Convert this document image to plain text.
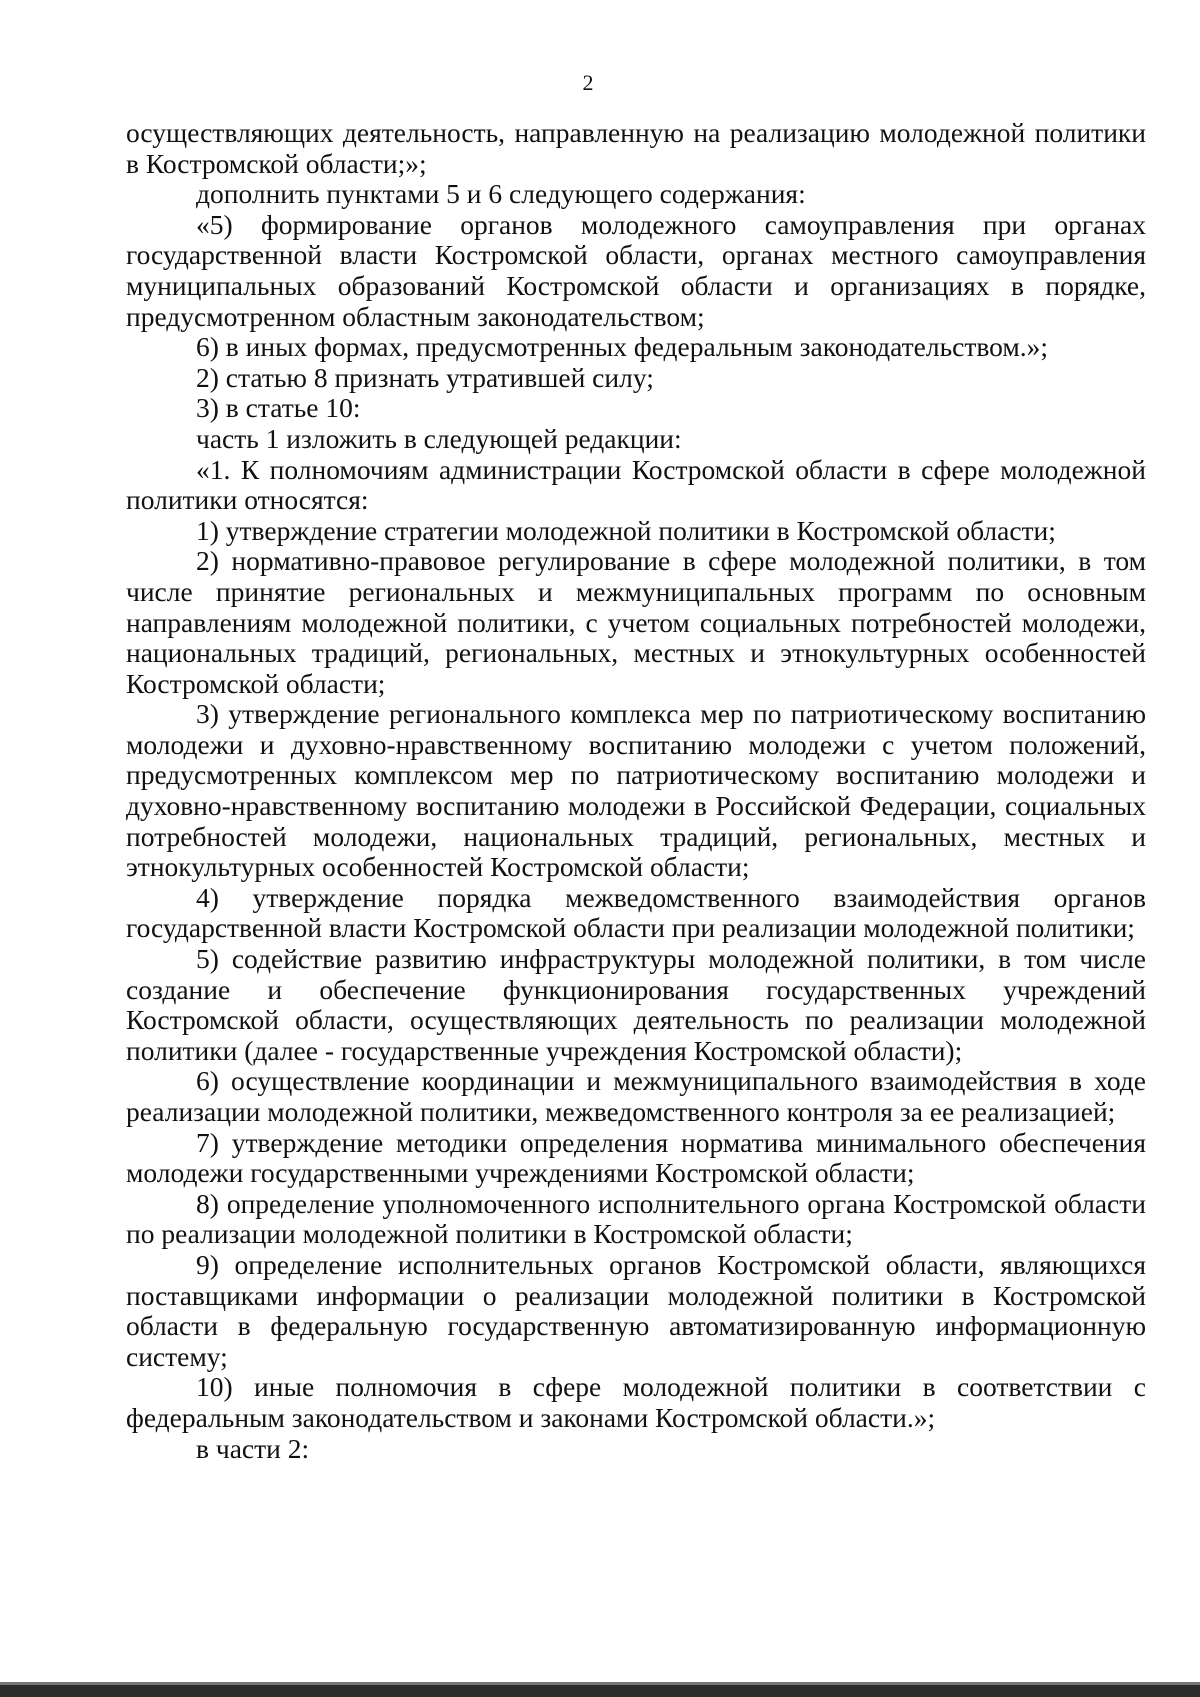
2

осуществляющих деятельность, направленную на реализацию молодежной политики в Костромской области;»;

дополнить пунктами 5 и 6 следующего содержания:

«5) формирование органов молодежного самоуправления при органах государственной власти Костромской области, органах местного самоуправления муниципальных образований Костромской области и организациях в порядке, предусмотренном областным законодательством;

6) в иных формах, предусмотренных федеральным законодательством.»;

2) статью 8 признать утратившей силу;

3) в статье 10:

часть 1 изложить в следующей редакции:

«1. К полномочиям администрации Костромской области в сфере молодежной политики относятся:

1) утверждение стратегии молодежной политики в Костромской области;

2) нормативно-правовое регулирование в сфере молодежной политики, в том числе принятие региональных и межмуниципальных программ по основным направлениям молодежной политики, с учетом социальных потребностей молодежи, национальных традиций, региональных, местных и этнокультурных особенностей Костромской области;

3) утверждение регионального комплекса мер по патриотическому воспитанию молодежи и духовно-нравственному воспитанию молодежи с учетом положений, предусмотренных комплексом мер по патриотическому воспитанию молодежи и духовно-нравственному воспитанию молодежи в Российской Федерации, социальных потребностей молодежи, национальных традиций, региональных, местных и этнокультурных особенностей Костромской области;

4) утверждение порядка межведомственного взаимодействия органов государственной власти Костромской области при реализации молодежной политики;

5) содействие развитию инфраструктуры молодежной политики, в том числе создание и обеспечение функционирования государственных учреждений Костромской области, осуществляющих деятельность по реализации молодежной политики (далее - государственные учреждения Костромской области);

6) осуществление координации и межмуниципального взаимодействия в ходе реализации молодежной политики, межведомственного контроля за ее реализацией;

7) утверждение методики определения норматива минимального обеспечения молодежи государственными учреждениями Костромской области;

8) определение уполномоченного исполнительного органа Костромской области по реализации молодежной политики в Костромской области;

9) определение исполнительных органов Костромской области, являющихся поставщиками информации о реализации молодежной политики в Костромской области в федеральную государственную автоматизированную информационную систему;

10) иные полномочия в сфере молодежной политики в соответствии с федеральным законодательством и законами Костромской области.»;

в части 2:
